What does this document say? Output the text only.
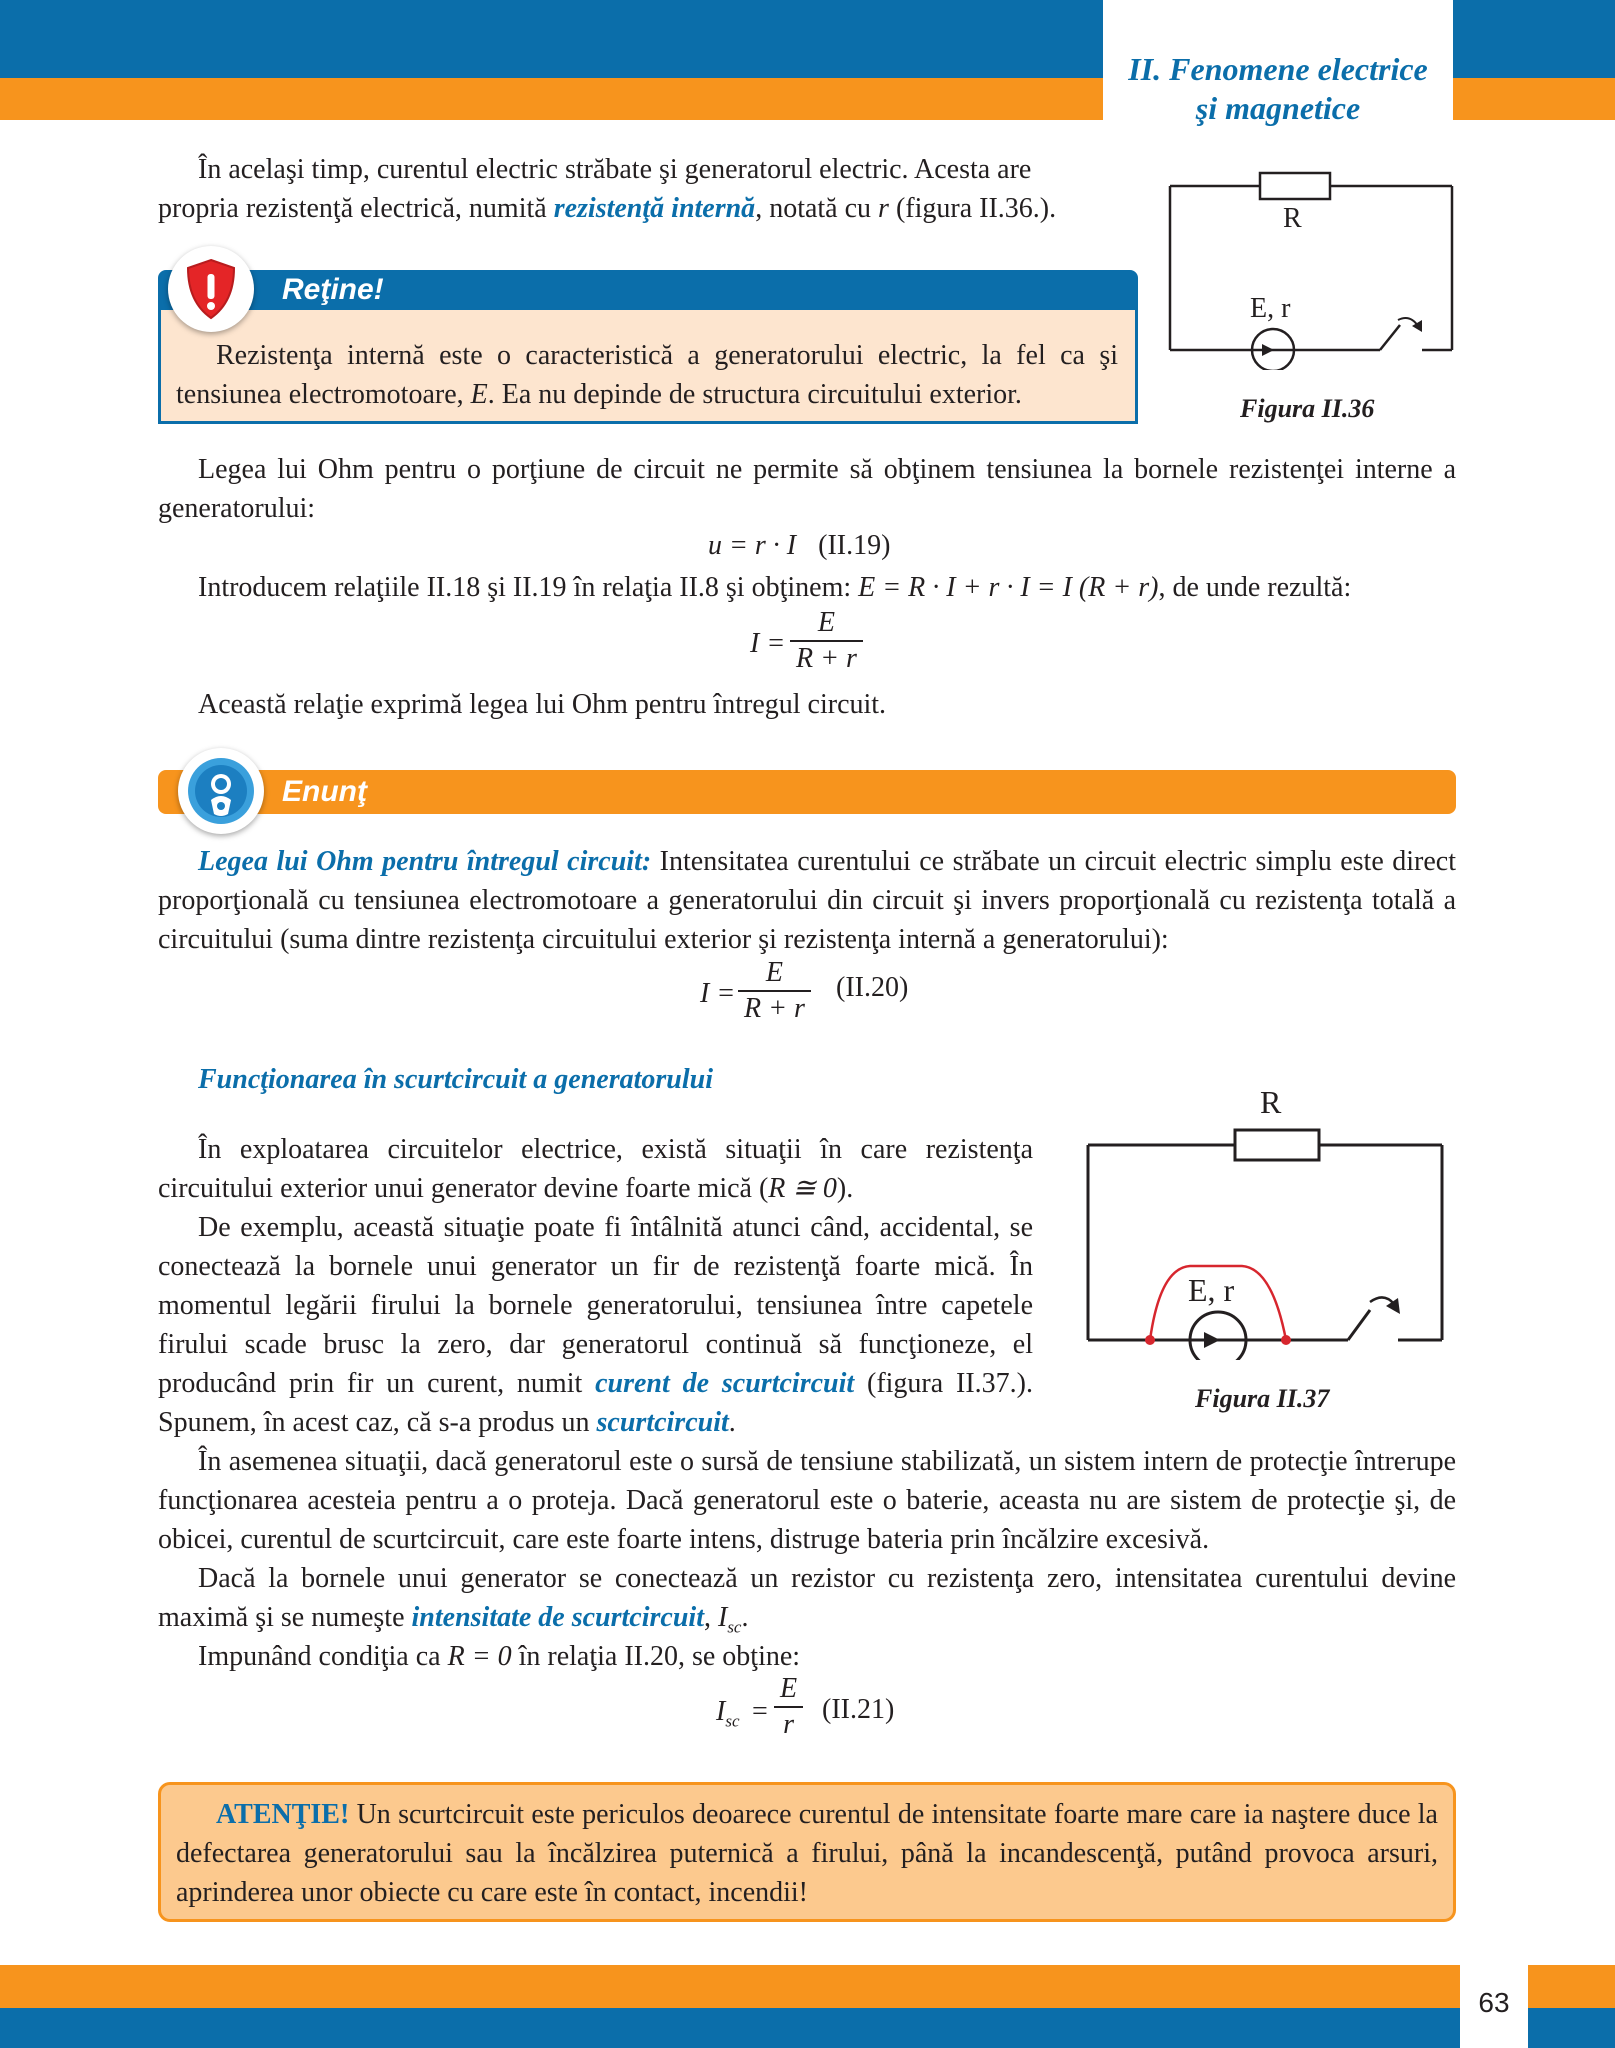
II. Fenomene electrice
şi magnetice
În acelaşi timp, curentul electric străbate şi generatorul electric. Acesta are
propria rezistenţă electrică, numită rezistenţă internă, notată cu r (figura II.36.).	R
E, r
Figura II.36
Reţine!
Rezistenţa internă este o caracteristică a generatorului electric, la fel ca şi tensiunea electromotoare, E. Ea nu depinde de structura circuitului exterior.
Legea lui Ohm pentru o porţiune de circuit ne permite să obţinem tensiunea la bornele rezistenţei interne a generatorului:
u = r · I (II.19)
Introducem relaţiile II.18 şi II.19 în relaţia II.8 şi obţinem: E = R · I + r · I = I (R + r), de unde rezultă:
I =
E
R + r
Această relaţie exprimă legea lui Ohm pentru întregul circuit.
Enunţ
Legea lui Ohm pentru întregul circuit: Intensitatea curentului ce străbate un circuit electric simplu este direct proporţională cu tensiunea electromotoare a generatorului din circuit şi invers proporţională cu rezistenţa totală a circuitului (suma dintre rezistenţa circuitului exterior şi rezistenţa internă a generatorului):
I =
E
R + r
(II.20)
Funcţionarea în scurtcircuit a generatorului
În exploatarea circuitelor electrice, există situaţii în care rezistenţa circuitului exterior unui generator devine foarte mică (R ≅ 0).
De exemplu, această situaţie poate fi întâlnită atunci când, accidental, se conectează la bornele unui generator un fir de rezistenţă foarte mică. În momentul legării firului la bornele generatorului, tensiunea între capetele firului scade brusc la zero, dar generatorul continuă să funcţioneze, el producând prin fir un curent, numit curent de scurtcircuit (figura II.37.). Spunem, în acest caz, că s-a produs un scurtcircuit.
R
E, r
Figura II.37
În asemenea situaţii, dacă generatorul este o sursă de tensiune stabilizată, un sistem intern de protecţie întrerupe funcţionarea acesteia pentru a o proteja. Dacă generatorul este o baterie, aceasta nu are sistem de protecţie şi, de obicei, curentul de scurtcircuit, care este foarte intens, distruge bateria prin încălzire excesivă.
Dacă la bornele unui generator se conectează un rezistor cu rezistenţa zero, intensitatea curentului devine maximă şi se numeşte intensitate de scurtcircuit, $I_{sc}$.
Impunând condiţia ca R = 0 în relaţia II.20, se obţine:
$I_{sc}$ =
E
r	(II.21)
ATENŢIE! Un scurtcircuit este periculos deoarece curentul de intensitate foarte mare care ia naştere duce la defectarea generatorului sau la încălzirea puternică a firului, până la incandescenţă, putând provoca arsuri, aprinderea unor obiecte cu care este în contact, incendii!
63
